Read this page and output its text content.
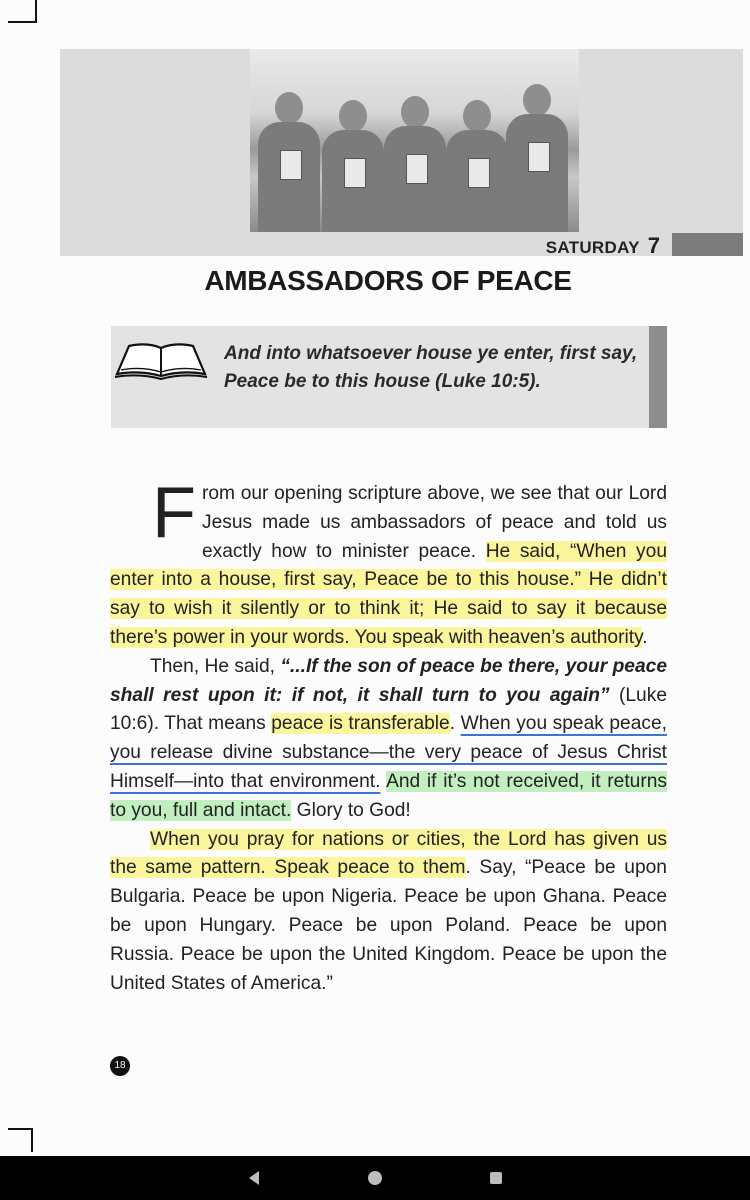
SATURDAY 7
AMBASSADORS OF PEACE
And into whatsoever house ye enter, first say, Peace be to this house (Luke 10:5).

From our opening scripture above, we see that our Lord Jesus made us ambassadors of peace and told us exactly how to minister peace. He said, “When you enter into a house, first say, Peace be to this house.” He didn’t say to wish it silently or to think it; He said to say it because there’s power in your words. You speak with heaven’s authority.

Then, He said, “...If the son of peace be there, your peace shall rest upon it: if not, it shall turn to you again” (Luke 10:6). That means peace is transferable. When you speak peace, you release divine substance—the very peace of Jesus Christ Himself—into that environment. And if it’s not received, it returns to you, full and intact. Glory to God!

When you pray for nations or cities, the Lord has given us the same pattern. Speak peace to them. Say, “Peace be upon Bulgaria. Peace be upon Nigeria. Peace be upon Ghana. Peace be upon Hungary. Peace be upon Poland. Peace be upon Russia. Peace be upon the United Kingdom. Peace be upon the United States of America.”

18
